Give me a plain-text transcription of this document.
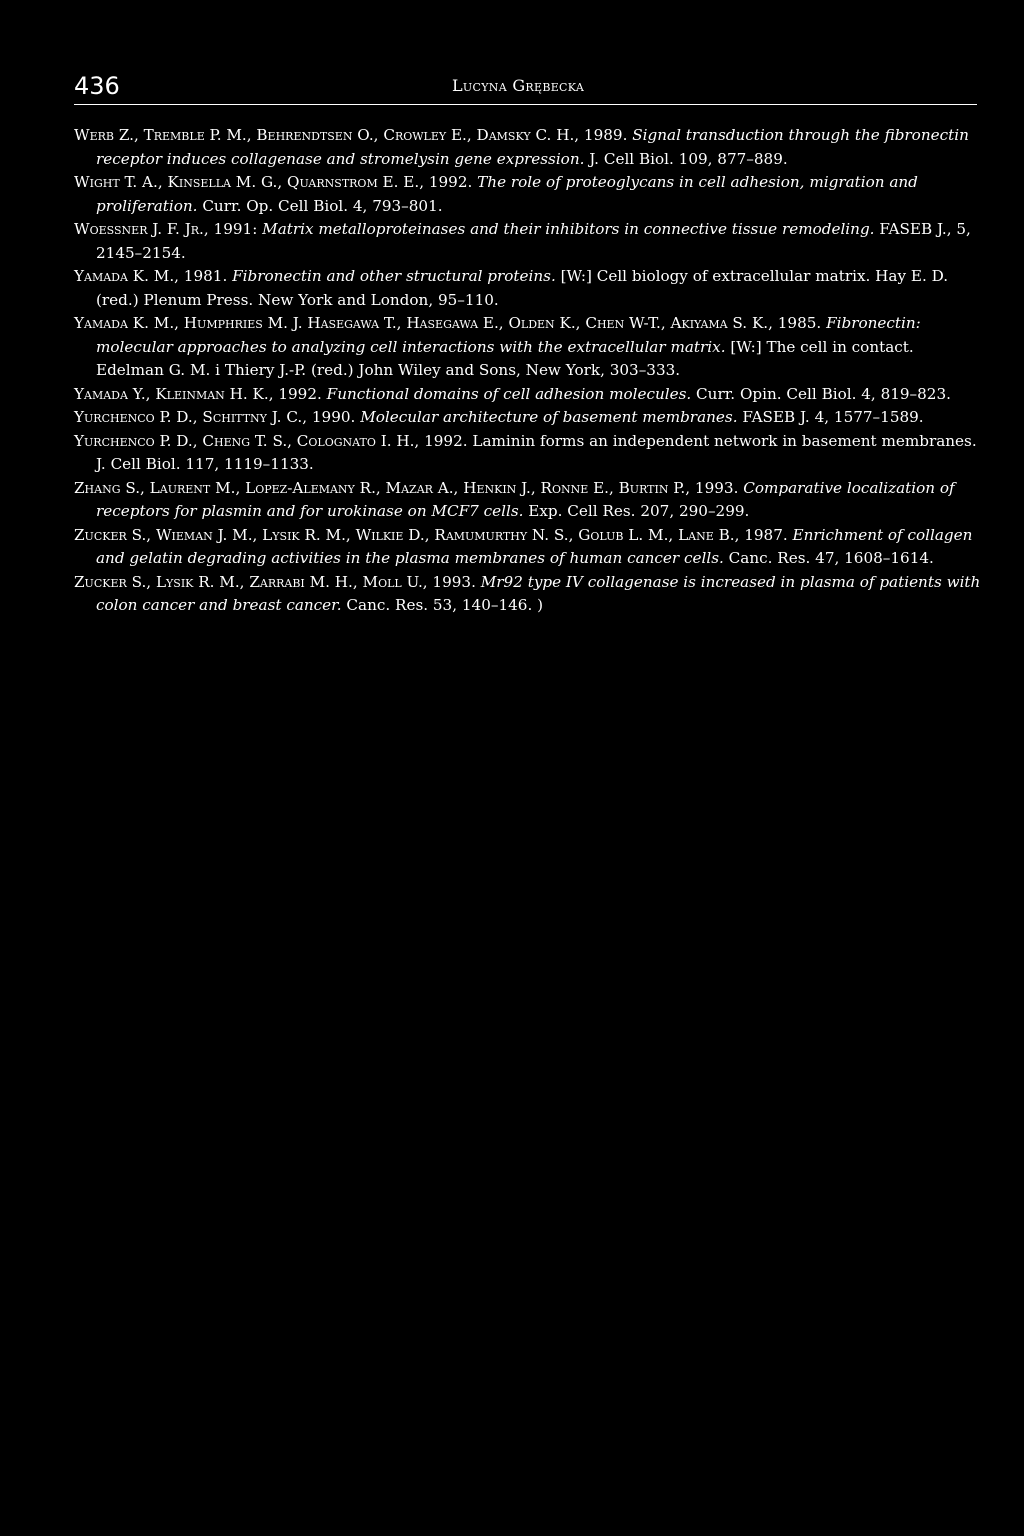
436	Lucyna Grębecka

Werb Z., Tremble P. M., Behrendtsen O., Crowley E., Damsky C. H., 1989. Signal transduction through the fibronectin receptor induces collagenase and stromelysin gene expression. J. Cell Biol. 109, 877–889.

Wight T. A., Kinsella M. G., Quarnstrom E. E., 1992. The role of proteoglycans in cell adhesion, migration and proliferation. Curr. Op. Cell Biol. 4, 793–801.

Woessner J. F. Jr., 1991: Matrix metalloproteinases and their inhibitors in connective tissue remodeling. FASEB J., 5, 2145–2154.

Yamada K. M., 1981. Fibronectin and other structural proteins. [W:] Cell biology of extracellular matrix. Hay E. D. (red.) Plenum Press. New York and London, 95–110.

Yamada K. M., Humphries M. J. Hasegawa T., Hasegawa E., Olden K., Chen W-T., Akiyama S. K., 1985. Fibronectin: molecular approaches to analyzing cell interactions with the extracellular matrix. [W:] The cell in contact. Edelman G. M. i Thiery J.-P. (red.) John Wiley and Sons, New York, 303–333.

Yamada Y., Kleinman H. K., 1992. Functional domains of cell adhesion molecules. Curr. Opin. Cell Biol. 4, 819–823.

Yurchenco P. D., Schittny J. C., 1990. Molecular architecture of basement membranes. FASEB J. 4, 1577–1589.

Yurchenco P. D., Cheng T. S., Colognato I. H., 1992. Laminin forms an independent network in basement membranes. J. Cell Biol. 117, 1119–1133.

Zhang S., Laurent M., Lopez-Alemany R., Mazar A., Henkin J., Ronne E., Burtin P., 1993. Comparative localization of receptors for plasmin and for urokinase on MCF7 cells. Exp. Cell Res. 207, 290–299.

Zucker S., Wieman J. M., Lysik R. M., Wilkie D., Ramumurthy N. S., Golub L. M., Lane B., 1987. Enrichment of collagen and gelatin degrading activities in the plasma membranes of human cancer cells. Canc. Res. 47, 1608–1614.

Zucker S., Lysik R. M., Zarrabi M. H., Moll U., 1993. Mr92 type IV collagenase is increased in plasma of patients with colon cancer and breast cancer. Canc. Res. 53, 140–146. )
